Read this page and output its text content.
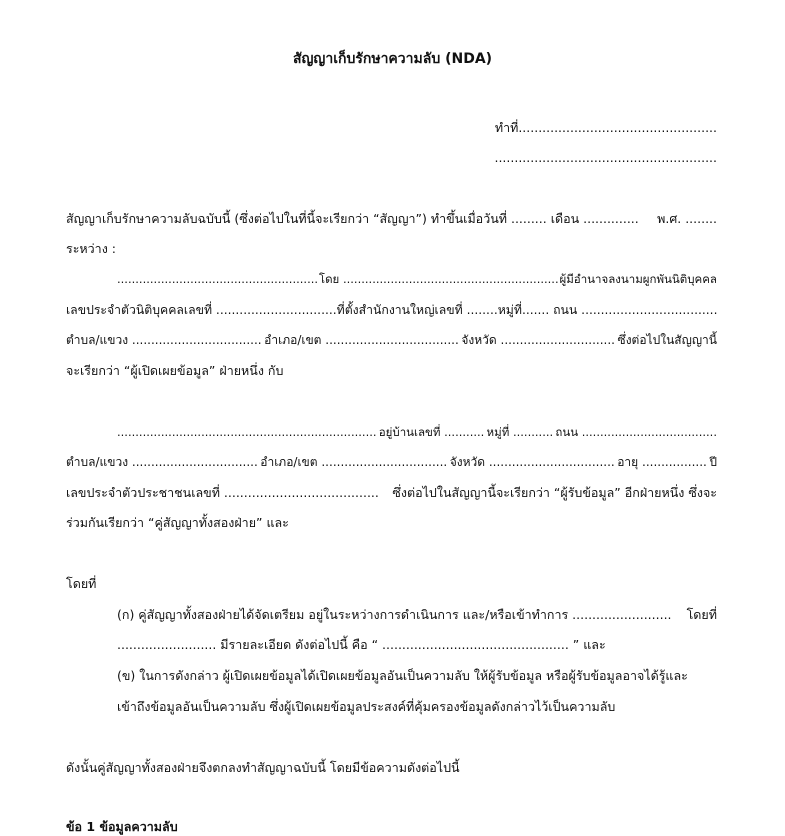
สัญญาเก็บรักษาความลับ (NDA)
ทำที่..................................................
........................................................
สัญญาเก็บรักษาความลับฉบับนี้ (ซึ่งต่อไปในที่นี้จะเรียกว่า “สัญญา”) ทำขึ้นเมื่อวันที่ ......... เดือน .............. พ.ศ. ........
ระหว่าง :
....................................................... โดย ........................................................... ผู้มีอำนาจลงนามผูกพันนิติบุคคล
เลขประจำตัวนิติบุคคลเลขที่ ............................... ที่ตั้งสำนักงานใหญ่เลขที่ ........ หมู่ที่....... ถนน ...................................
ตำบล/แขวง .................................. อำเภอ/เขต ................................... จังหวัด .............................. ซึ่งต่อไปในสัญญานี้
จะเรียกว่า “ผู้เปิดเผยข้อมูล” ฝ่ายหนึ่ง กับ
....................................................................... อยู่บ้านเลขที่ ........... หมู่ที่ ........... ถนน .....................................
ตำบล/แขวง ................................. อำเภอ/เขต ................................. จังหวัด ................................. อายุ ................. ปี
เลขประจำตัวประชาชนเลขที่ ....................................... ซึ่งต่อไปในสัญญานี้จะเรียกว่า “ผู้รับข้อมูล” อีกฝ่ายหนึ่ง ซึ่งจะ
ร่วมกันเรียกว่า “คู่สัญญาทั้งสองฝ่าย” และ
โดยที่
(ก) คู่สัญญาทั้งสองฝ่ายได้จัดเตรียม อยู่ในระหว่างการดำเนินการ และ/หรือเข้าทำการ ......................... โดยที่
......................... มีรายละเอียด ดังต่อไปนี้ คือ “ ............................................... ” และ
(ข) ในการดังกล่าว ผู้เปิดเผยข้อมูลได้เปิดเผยข้อมูลอันเป็นความลับ ให้ผู้รับข้อมูล หรือผู้รับข้อมูลอาจได้รู้และ
เข้าถึงข้อมูลอันเป็นความลับ ซึ่งผู้เปิดเผยข้อมูลประสงค์ที่คุ้มครองข้อมูลดังกล่าวไว้เป็นความลับ
ดังนั้นคู่สัญญาทั้งสองฝ่ายจึงตกลงทำสัญญาฉบับนี้ โดยมีข้อความดังต่อไปนี้
ข้อ 1 ข้อมูลความลับ
